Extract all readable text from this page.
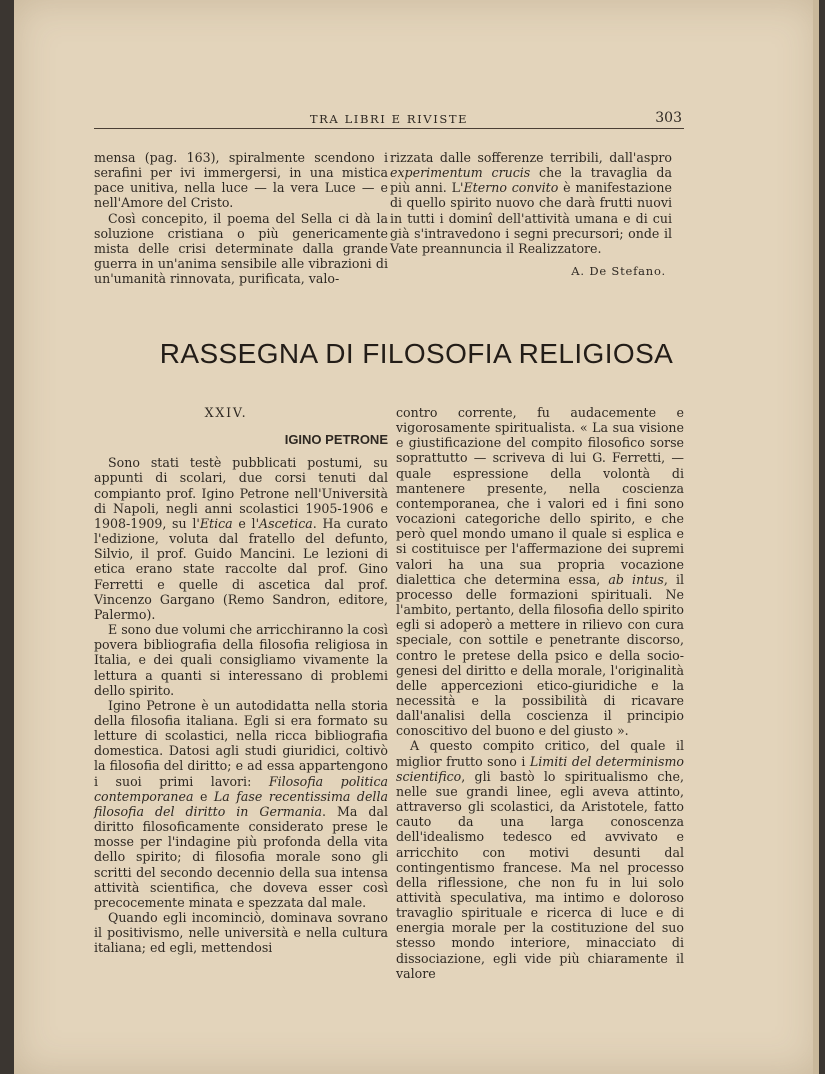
TRA LIBRI E RIVISTE	303

mensa (pag. 163), spiralmente scendono i serafini per ivi immergersi, in una mistica pace unitiva, nella luce — la vera Luce — e nell'Amore del Cristo.

Così concepito, il poema del Sella ci dà la soluzione cristiana o più genericamente mista delle crisi determinate dalla grande guerra in un'anima sensibile alle vibrazioni di un'umanità rinnovata, purificata, valo-

rizzata dalle sofferenze terribili, dall'aspro experimentum crucis che la travaglia da più anni. L'Eterno convito è manifestazione di quello spirito nuovo che darà frutti nuovi in tutti i dominî dell'attività umana e di cui già s'intravedono i segni precursori; onde il Vate preannuncia il Realizzatore.

A. De Stefano.

RASSEGNA DI FILOSOFIA RELIGIOSA

XXIV.

IGINO PETRONE

Sono stati testè pubblicati postumi, su appunti di scolari, due corsi tenuti dal compianto prof. Igino Petrone nell'Università di Napoli, negli anni scolastici 1905-1906 e 1908-1909, su l'Etica e l'Ascetica. Ha curato l'edizione, voluta dal fratello del defunto, Silvio, il prof. Guido Mancini. Le lezioni di etica erano state raccolte dal prof. Gino Ferretti e quelle di ascetica dal prof. Vincenzo Gargano (Remo Sandron, editore, Palermo).

E sono due volumi che arricchiranno la così povera bibliografia della filosofia religiosa in Italia, e dei quali consigliamo vivamente la lettura a quanti si interessano di problemi dello spirito.

Igino Petrone è un autodidatta nella storia della filosofia italiana. Egli si era formato su letture di scolastici, nella ricca bibliografia domestica. Datosi agli studi giuridici, coltivò la filosofia del diritto; e ad essa appartengono i suoi primi lavori: Filosofia politica contemporanea e La fase recentissima della filosofia del diritto in Germania. Ma dal diritto filosoficamente considerato prese le mosse per l'indagine più profonda della vita dello spirito; di filosofia morale sono gli scritti del secondo decennio della sua intensa attività scientifica, che doveva esser così precocemente minata e spezzata dal male.

Quando egli incominciò, dominava sovrano il positivismo, nelle università e nella cultura italiana; ed egli, mettendosi

contro corrente, fu audacemente e vigorosamente spiritualista. « La sua visione e giustificazione del compito filosofico sorse soprattutto — scriveva di lui G. Ferretti, — quale espressione della volontà di mantenere presente, nella coscienza contemporanea, che i valori ed i fini sono vocazioni categoriche dello spirito, e che però quel mondo umano il quale si esplica e si costituisce per l'affermazione dei supremi valori ha una sua propria vocazione dialettica che determina essa, ab intus, il processo delle formazioni spirituali. Ne l'ambito, pertanto, della filosofia dello spirito egli si adoperò a mettere in rilievo con cura speciale, con sottile e penetrante discorso, contro le pretese della psico e della socio-genesi del diritto e della morale, l'originalità delle appercezioni etico-giuridiche e la necessità e la possibilità di ricavare dall'analisi della coscienza il principio conoscitivo del buono e del giusto ».

A questo compito critico, del quale il miglior frutto sono i Limiti del determinismo scientifico, gli bastò lo spiritualismo che, nelle sue grandi linee, egli aveva attinto, attraverso gli scolastici, da Aristotele, fatto cauto da una larga conoscenza dell'idealismo tedesco ed avvivato e arricchito con motivi desunti dal contingentismo francese. Ma nel processo della riflessione, che non fu in lui solo attività speculativa, ma intimo e doloroso travaglio spirituale e ricerca di luce e di energia morale per la costituzione del suo stesso mondo interiore, minacciato di dissociazione, egli vide più chiaramente il valore
